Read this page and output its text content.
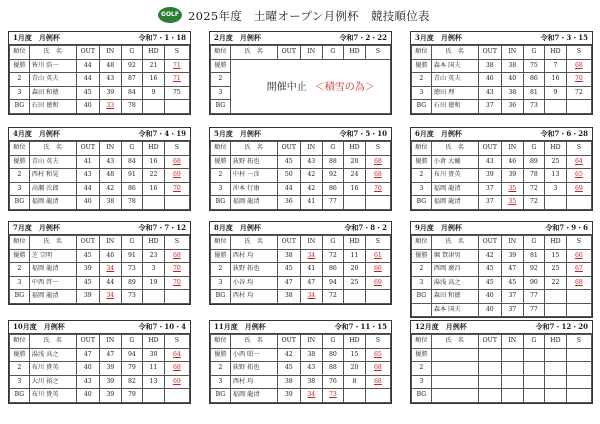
GOLF 2025年度　土曜オープン月例杯　競技順位表
1月度　月例杯	令和7・1・18
順位	氏　名	OUT	IN	G	HD	S
優勝	皆川 浩一	44	48	92	21	71
2	青山 英夫	44	43	87	16	71
3	森田 和徳	45	39	84	9	75
BG	石田 徳和	40	33	78		
2月度　月例杯	令和7・2・22
順位	氏　名	OUT	IN	G	HD	S
優勝	開催中止 ＜積雪の為＞					

2						
3						
BG						
3月度　月例杯	令和7・3・15
順位	氏　名	OUT	IN	G	HD	S
優勝	森本 国夫	38	38	75	7	68
2	青山 英夫	46	40	86	16	70
3	徳田 理	43	38	81	9	72
BG	石田 徳和	37	36	73		
4月度　月例杯	令和7・4・19
順位	氏　名	OUT	IN	G	HD	S
優勝	青山 英夫	41	43	84	16	68
2	西村 和晃	43	48	91	22	69
3	高瀬 次郎	44	42	86	16	70
BG	福岡 龍清	40	38	78		
5月度　月例杯	令和7・5・10
順位	氏　名	OUT	IN	G	HD	S
優勝	荻野 拓也	45	43	88	20	68
2	中村 一彦	50	42	92	24	68
3	沖本 行康	44	42	86	16	70
BG	福岡 龍清	36	41	77		
6月度　月例杯	令和7・6・28
順位	氏　名	OUT	IN	G	HD	S
優勝	小倉 大輔	43	46	89	25	64
2	布川 貴英	39	39	78	13	65
3	福岡 龍清	37	35	72	3	69
BG	福岡 龍清	37	35	72		
7月度　月例杯	令和7・7・12
順位	氏　名	OUT	IN	G	HD	S
優勝	芝 宗明	45	46	91	23	68
2	福岡 龍清	39	34	73	3	70
3	中西 啓一	45	44	89	19	70
BG	福岡 龍清	39	34	73		
8月度　月例杯	令和7・8・2
順位	氏　名	OUT	IN	G	HD	S
優勝	西村 均	38	34	72	11	61
2	荻野 拓也	45	41	86	20	66
3	小谷 均	47	47	94	25	69
BG	西村 均	38	34	72		
9月度　月例杯	令和7・9・6
順位	氏　名	OUT	IN	G	HD	S
優勝	堀 賀津男	42	39	81	15	66
2	西岡 廣昌	45	47	92	25	67
3	湯浅 高之	45	45	90	22	68
BG	森田 和徳	40	37	77		
	森本 国夫	40	37	77		
10月度　月例杯	令和7・10・4
順位	氏　名	OUT	IN	G	HD	S
優勝	湯浅 高之	47	47	94	30	64
2	布川 貴英	40	39	79	11	68
3	大川 裕之	43	39	82	13	69
BG	布川 貴英	40	39	79		
11月度　月例杯	令和7・11・15
順位	氏　名	OUT	IN	G	HD	S
優勝	小西 昭一	42	38	80	15	65
2	荻野 拓也	45	43	88	20	68
3	西村 均	38	38	76	8	68
BG	福岡 龍清	39	34	73		
12月度　月例杯	令和7・12・20
順位	氏　名	OUT	IN	G	HD	S
優勝						
2						
3						
BG						
